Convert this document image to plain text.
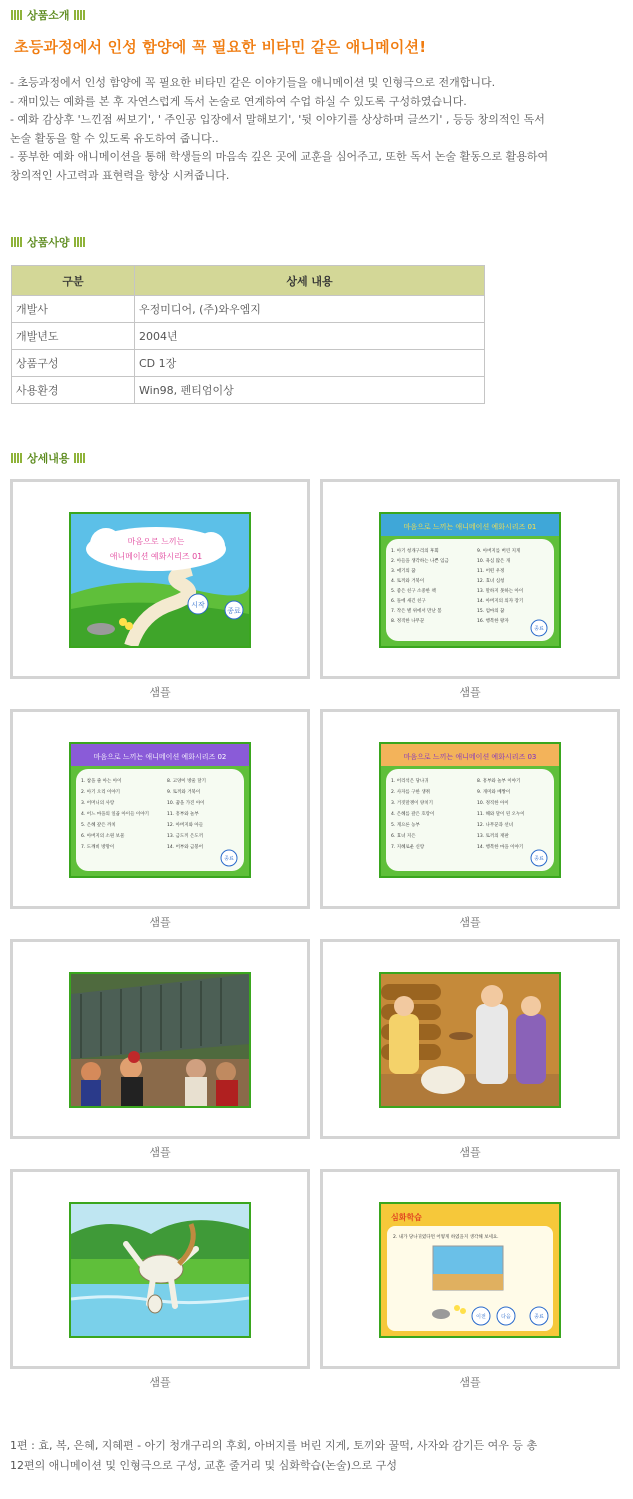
상품소개
초등과정에서 인성 함양에 꼭 필요한 비타민 같은 애니메이션!
- 초등과정에서 인성 함양에 꼭 필요한 비타민 같은 이야기들을 애니메이션 및 인형극으로 전개합니다.
- 재미있는 예화를 본 후 자연스럽게 독서 논술로 연계하여 수업 하실 수 있도록 구성하였습니다.
- 예화 감상후 '느낀점 써보기', ' 주인공 입장에서 말해보기', '뒷 이야기를 상상하며 글쓰기' , 등등 창의적인 독서
논술 활동을 할 수 있도록 유도하여 줍니다..
- 풍부한 예화 애니메이션을 통해 학생들의 마음속 깊은 곳에 교훈을 심어주고, 또한 독서 논술 활동으로 활용하여
창의적인 사고력과 표현력을 향상 시켜줍니다.
상품사양
구분	상세 내용
개발사	우정미디어, (주)와우엠지
개발년도	2004년
상품구성	CD 1장
사용환경	Win98, 펜티엄이상
상세내용
마음으로 느끼는
애니메이션 예화시리즈 01
시작
종료
샘플
마음으로 느끼는 애니메이션 예화시리즈 01
1. 아기 청개구리의 후회
2. 아들을 생각하는 나쁜 임금
3. 애기의 꿈
4. 토끼와 거북이
5. 좋은 친구 소중한 책
6. 돌에 새긴 친구
7. 작은 별 위에서 만난 봄
8. 정직한 나무꾼
9. 아버지를 버린 지게
10. 욕심 많은 개
11. 어떤 우정
12. 효녀 심청
13. 말하지 못하는 아이
14. 아버지의 의자 장기
15. 엄마의 꿈
16. 행복한 왕자
종료
샘플
마음으로 느끼는 애니메이션 예화시리즈 02
1. 참을 줄 아는 아이
2. 아기 오리 이야기
3. 어머니의 사랑
4. 어느 마을의 일곱 아이들 이야기
5. 은혜 갚은 까치
6. 아버지의 소원 보물
7. 도깨비 방망이
8. 고양이 방울 달기
9. 토끼와 거북이
10. 꿈을 가진 아이
11. 흥부와 놀부
12. 아버지와 아들
13. 금도끼 은도끼
14. 어부와 금붕어
종료
샘플
마음으로 느끼는 애니메이션 예화시리즈 03
1. 어리석은 당나귀
2. 사자를 구한 생쥐
3. 거짓말쟁이 양치기
4. 은혜를 갚은 호랑이
5. 게으른 농부
6. 효녀 지은
7. 지혜로운 신랑
8. 흥부와 놀부 이야기
9. 개미와 베짱이
10. 정직한 아이
11. 해와 달이 된 오누이
12. 나무꾼과 선녀
13. 토끼의 재판
14. 행복한 마을 이야기
종료
샘플
샘플	샘플
샘플
심화학습
2. 내가 당나귀였다면 어떻게 하였을지 생각해 보세요.
이전	다음	종료
샘플
1편 : 효, 복, 은혜, 지혜편 - 아기 청개구리의 후회, 아버지를 버린 지게, 토끼와 꿀떡, 사자와 감기든 여우 등 총
12편의 애니메이션 및 인형극으로 구성, 교훈 줄거리 및 심화학습(논술)으로 구성
